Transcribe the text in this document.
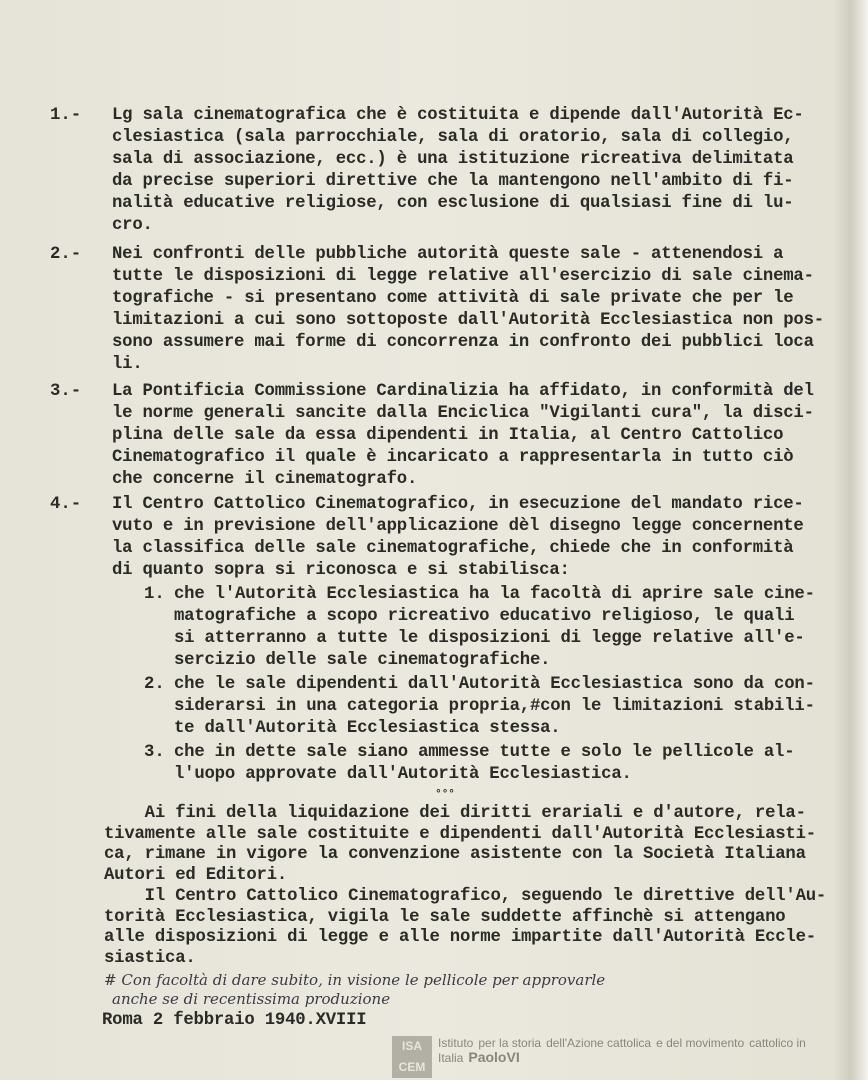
1.- Lg sala cinematografica che è costituita e dipende dall'Autorità Ec-
clesiastica (sala parrocchiale, sala di oratorio, sala di collegio,
sala di associazione, ecc.) è una istituzione ricreativa delimitata
da precise superiori direttive che la mantengono nell'ambito di fi-
nalità educative religiose, con esclusione di qualsiasi fine di lu-
cro.
2.- Nei confronti delle pubbliche autorità queste sale - attenendosi a
tutte le disposizioni di legge relative all'esercizio di sale cinema-
tografiche - si presentano come attività di sale private che per le
limitazioni a cui sono sottoposte dall'Autorità Ecclesiastica non pos-
sono assumere mai forme di concorrenza in confronto dei pubblici loca
li.
3.- La Pontificia Commissione Cardinalizia ha affidato, in conformità del
le norme generali sancite dalla Enciclica "Vigilanti cura", la disci-
plina delle sale da essa dipendenti in Italia, al Centro Cattolico
Cinematografico il quale è incaricato a rappresentarla in tutto ciò
che concerne il cinematografo.
4.- Il Centro Cattolico Cinematografico, in esecuzione del mandato rice-
vuto e in previsione dell'applicazione dèl disegno legge concernente
la classifica delle sale cinematografiche, chiede che in conformità
di quanto sopra si riconosca e si stabilisca:
1. che l'Autorità Ecclesiastica ha la facoltà di aprire sale cine-
matografiche a scopo ricreativo educativo religioso, le quali
si atterranno a tutte le disposizioni di legge relative all'e-
sercizio delle sale cinematografiche.
2. che le sale dipendenti dall'Autorità Ecclesiastica sono da con-
siderarsi in una categoria propria,#con le limitazioni stabili-
te dall'Autorità Ecclesiastica stessa.
3. che in dette sale siano ammesse tutte e solo le pellicole al-
l'uopo approvate dall'Autorità Ecclesiastica.
°°°
Ai fini della liquidazione dei diritti erariali e d'autore, rela-
tivamente alle sale costituite e dipendenti dall'Autorità Ecclesiasti-
ca, rimane in vigore la convenzione asistente con la Società Italiana
Autori ed Editori.
Il Centro Cattolico Cinematografico, seguendo le direttive dell'Au-
torità Ecclesiastica, vigila le sale suddette affinchè si attengano
alle disposizioni di legge e alle norme impartite dall'Autorità Eccle-
siastica.
# Con facoltà di dare subito, in visione le pellicole per approvarle
anche se di recentissima produzione
Roma 2 febbraio 1940.XVIII
ISA
CEM
Istituto per la storia dell'Azione cattolica e del movimento cattolico in Italia PaoloVI
